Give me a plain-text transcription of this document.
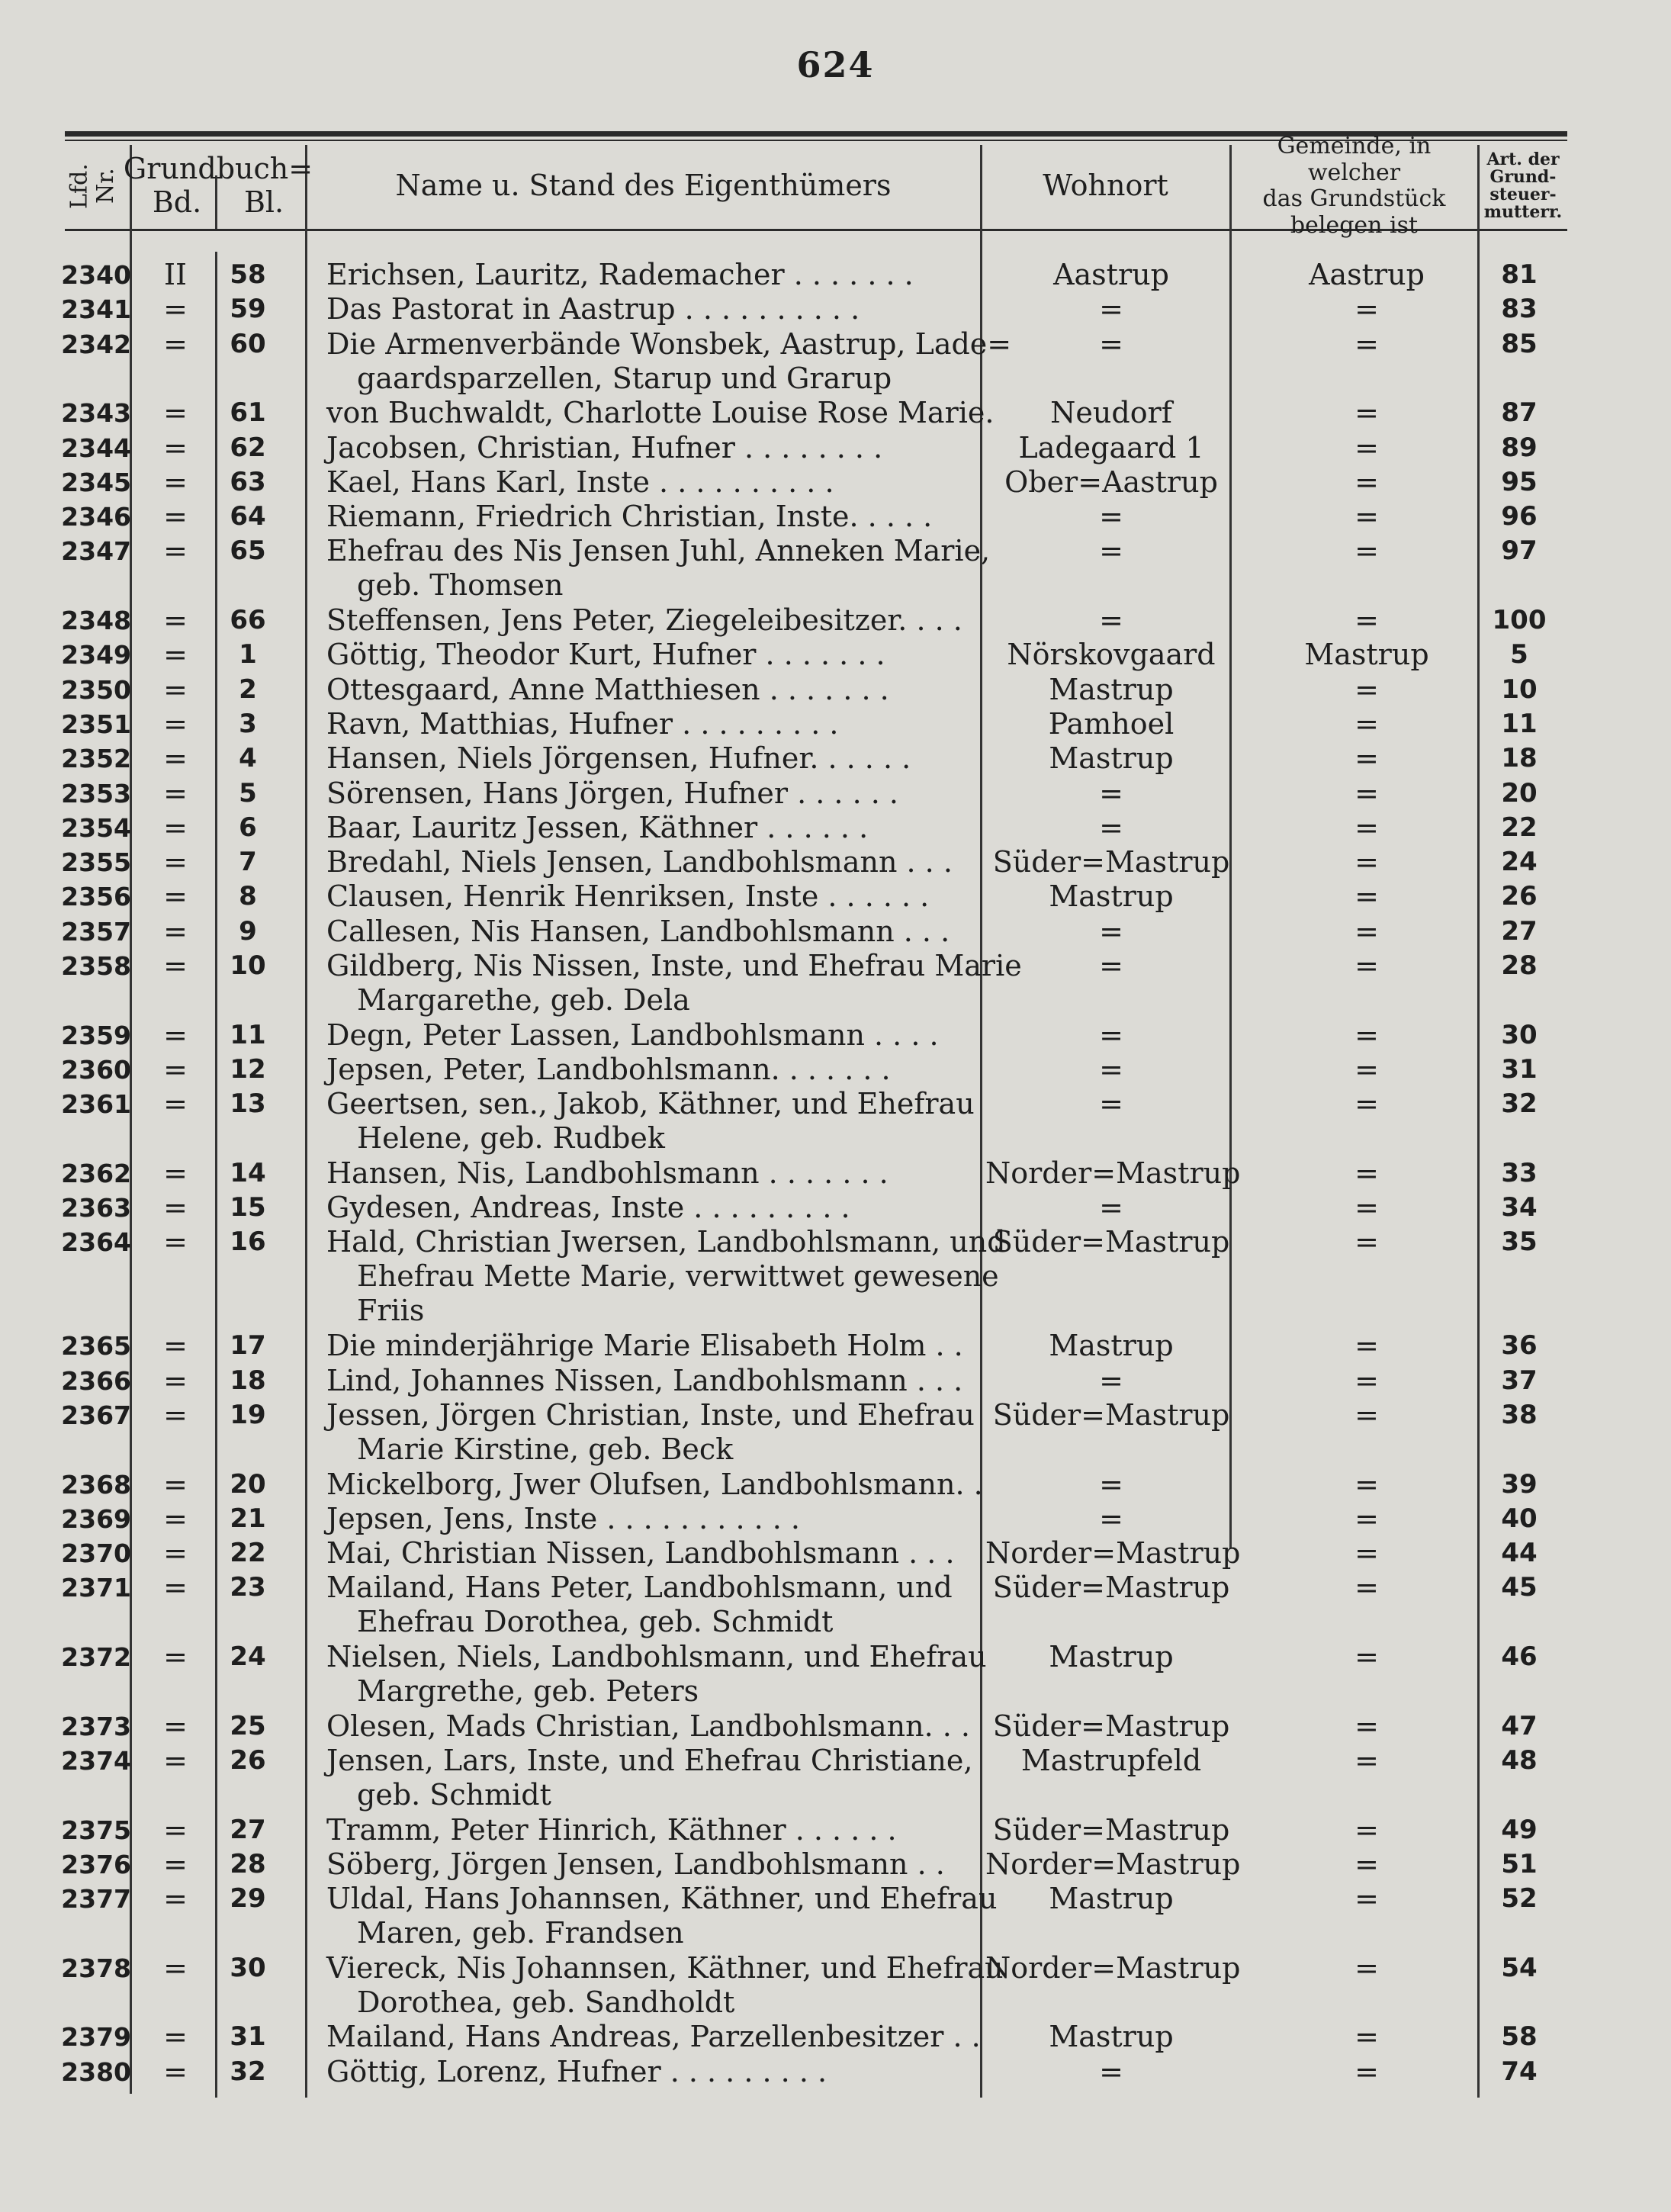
624
Lfd. Nr. Grundbuch=
Bd. Bl.	Name u. Stand des Eigenthümers	Wohnort
Gemeinde, in welcher
das Grundstück
belegen ist
Art. der
Grund-
steuer-
mutterr.
2340	II	58	Erichsen, Lauritz, Rademacher . . . . . . .	Aastrup	Aastrup	81
2341	=	59	Das Pastorat in Aastrup . . . . . . . . . .	=	=	83
2342	=	60	Die Armenverbände Wonsbek, Aastrup, Lade=
gaardsparzellen, Starup und Grarup
=	=	85
2343	=	61	von Buchwaldt, Charlotte Louise Rose Marie.	Neudorf	=	87
2344	=	62	Jacobsen, Christian, Hufner . . . . . . . .	Ladegaard 1	=	89
2345	=	63	Kael, Hans Karl, Inste . . . . . . . . . .	Ober=Aastrup	=	95
2346	=	64	Riemann, Friedrich Christian, Inste. . . . .	=	=	96
2347	=	65	Ehefrau des Nis Jensen Juhl, Anneken Marie,
geb. Thomsen
=	=	97
2348	=	66	Steffensen, Jens Peter, Ziegeleibesitzer. . . .	=	=	100
2349	=	1	Göttig, Theodor Kurt, Hufner . . . . . . .	Nörskovgaard	Mastrup	5
2350	=	2	Ottesgaard, Anne Matthiesen . . . . . . .	Mastrup	=	10
2351	=	3	Ravn, Matthias, Hufner . . . . . . . . .	Pamhoel	=	11
2352	=	4	Hansen, Niels Jörgensen, Hufner. . . . . .	Mastrup	=	18
2353	=	5	Sörensen, Hans Jörgen, Hufner . . . . . .	=	=	20
2354	=	6	Baar, Lauritz Jessen, Käthner . . . . . .	=	=	22
2355	=	7	Bredahl, Niels Jensen, Landbohlsmann . . .	Süder=Mastrup	=	24
2356	=	8	Clausen, Henrik Henriksen, Inste . . . . . .	Mastrup	=	26
2357	=	9	Callesen, Nis Hansen, Landbohlsmann . . .	=	=	27
2358	=	10	Gildberg, Nis Nissen, Inste, und Ehefrau Marie
Margarethe, geb. Dela
=	=	28
2359	=	11	Degn, Peter Lassen, Landbohlsmann . . . .	=	=	30
2360	=	12	Jepsen, Peter, Landbohlsmann. . . . . . .	=	=	31
2361	=	13	Geertsen, sen., Jakob, Käthner, und Ehefrau
Helene, geb. Rudbek
=	=	32
2362	=	14	Hansen, Nis, Landbohlsmann . . . . . . .	Norder=Mastrup	=	33
2363	=	15	Gydesen, Andreas, Inste . . . . . . . . .	=	=	34
2364	=	16	Hald, Christian Jwersen, Landbohlsmann, und
Ehefrau Mette Marie, verwittwet gewesene
Friis
Süder=Mastrup	=	35
2365	=	17	Die minderjährige Marie Elisabeth Holm . .	Mastrup	=	36
2366	=	18	Lind, Johannes Nissen, Landbohlsmann . . .	=	=	37
2367	=	19	Jessen, Jörgen Christian, Inste, und Ehefrau
Marie Kirstine, geb. Beck
Süder=Mastrup	=	38
2368	=	20	Mickelborg, Jwer Olufsen, Landbohlsmann. .	=	=	39
2369	=	21	Jepsen, Jens, Inste . . . . . . . . . . .	=	=	40
2370	=	22	Mai, Christian Nissen, Landbohlsmann . . .	Norder=Mastrup	=	44
2371	=	23	Mailand, Hans Peter, Landbohlsmann, und
Ehefrau Dorothea, geb. Schmidt
Süder=Mastrup	=	45
2372	=	24	Nielsen, Niels, Landbohlsmann, und Ehefrau
Margrethe, geb. Peters
Mastrup	=	46
2373	=	25	Olesen, Mads Christian, Landbohlsmann. . . Süder=Mastrup	=	47
2374	=	26	Jensen, Lars, Inste, und Ehefrau Christiane,
geb. Schmidt
Mastrupfeld	=	48
2375	=	27	Tramm, Peter Hinrich, Käthner . . . . . .	Süder=Mastrup	=	49
2376	=	28	Söberg, Jörgen Jensen, Landbohlsmann . .	Norder=Mastrup	=	51
2377	=	29	Uldal, Hans Johannsen, Käthner, und Ehefrau
Maren, geb. Frandsen
Mastrup	=	52
2378	=	30	Viereck, Nis Johannsen, Käthner, und Ehefrau
Dorothea, geb. Sandholdt
Norder=Mastrup	=	54
2379	=	31	Mailand, Hans Andreas, Parzellenbesitzer . .	Mastrup	=	58
2380	=	32	Göttig, Lorenz, Hufner . . . . . . . . .	=	=	74
